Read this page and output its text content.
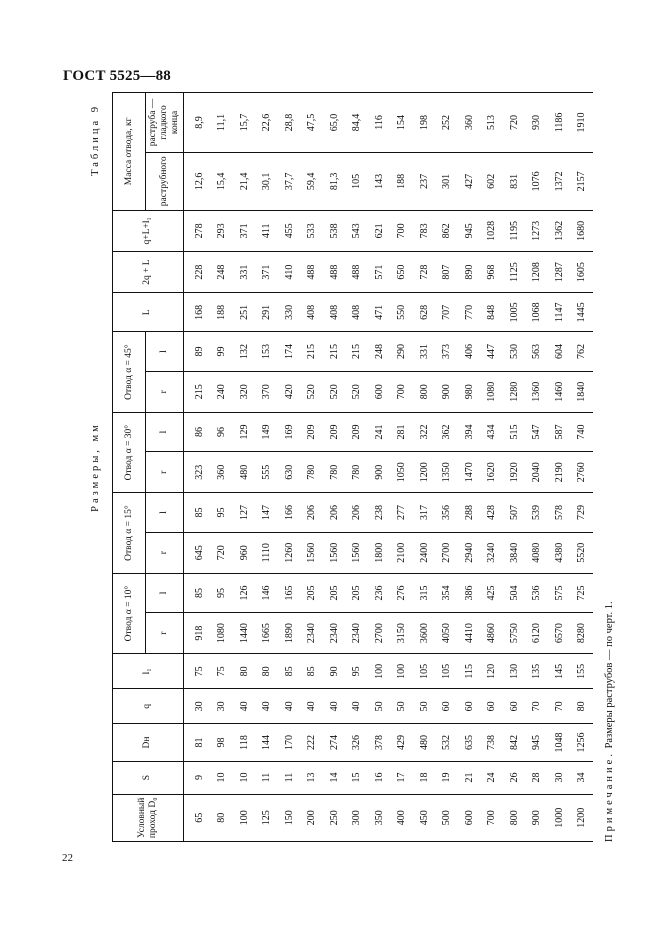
ГОСТ 5525—88
22
Таблица 9
Размеры, мм
Условный проход D₀	S	Dн	q	l₁	Отвод α = 10°		Отвод α = 15°		Отвод α = 30°		Отвод α = 45°		L	2q + L	q+L+l₁	Масса отвода, кг	
					r	l	r	l	r	l	r	l				раструбного	раструба — гладкого конца
65	9	81	30	75	918	85	645	85	323	86	215	89	168	228	278	12,6	8,9
80	10	98	30	75	1080	95	720	95	360	96	240	99	188	248	293	15,4	11,1
100	10	118	40	80	1440	126	960	127	480	129	320	132	251	331	371	21,4	15,7
125	11	144	40	80	1665	146	1110	147	555	149	370	153	291	371	411	30,1	22,6
150	11	170	40	85	1890	165	1260	166	630	169	420	174	330	410	455	37,7	28,8
200	13	222	40	85	2340	205	1560	206	780	209	520	215	408	488	533	59,4	47,5
250	14	274	40	90	2340	205	1560	206	780	209	520	215	408	488	538	81,3	65,0
300	15	326	40	95	2340	205	1560	206	780	209	520	215	408	488	543	105	84,4
350	16	378	50	100	2700	236	1800	238	900	241	600	248	471	571	621	143	116
400	17	429	50	100	3150	276	2100	277	1050	281	700	290	550	650	700	188	154
450	18	480	50	105	3600	315	2400	317	1200	322	800	331	628	728	783	237	198
500	19	532	60	105	4050	354	2700	356	1350	362	900	373	707	807	862	301	252
600	21	635	60	115	4410	386	2940	288	1470	394	980	406	770	890	945	427	360
700	24	738	60	120	4860	425	3240	428	1620	434	1080	447	848	968	1028	602	513
800	26	842	60	130	5750	504	3840	507	1920	515	1280	530	1005	1125	1195	831	720
900	28	945	70	135	6120	536	4080	539	2040	547	1360	563	1068	1208	1273	1076	930
1000	30	1048	70	145	6570	575	4380	578	2190	587	1460	604	1147	1287	1362	1372	1186
1200	34	1256	80	155	8280	725	5520	729	2760	740	1840	762	1445	1605	1680	2157	1910
Примечание. Размеры раструбов — по черт. 1.
